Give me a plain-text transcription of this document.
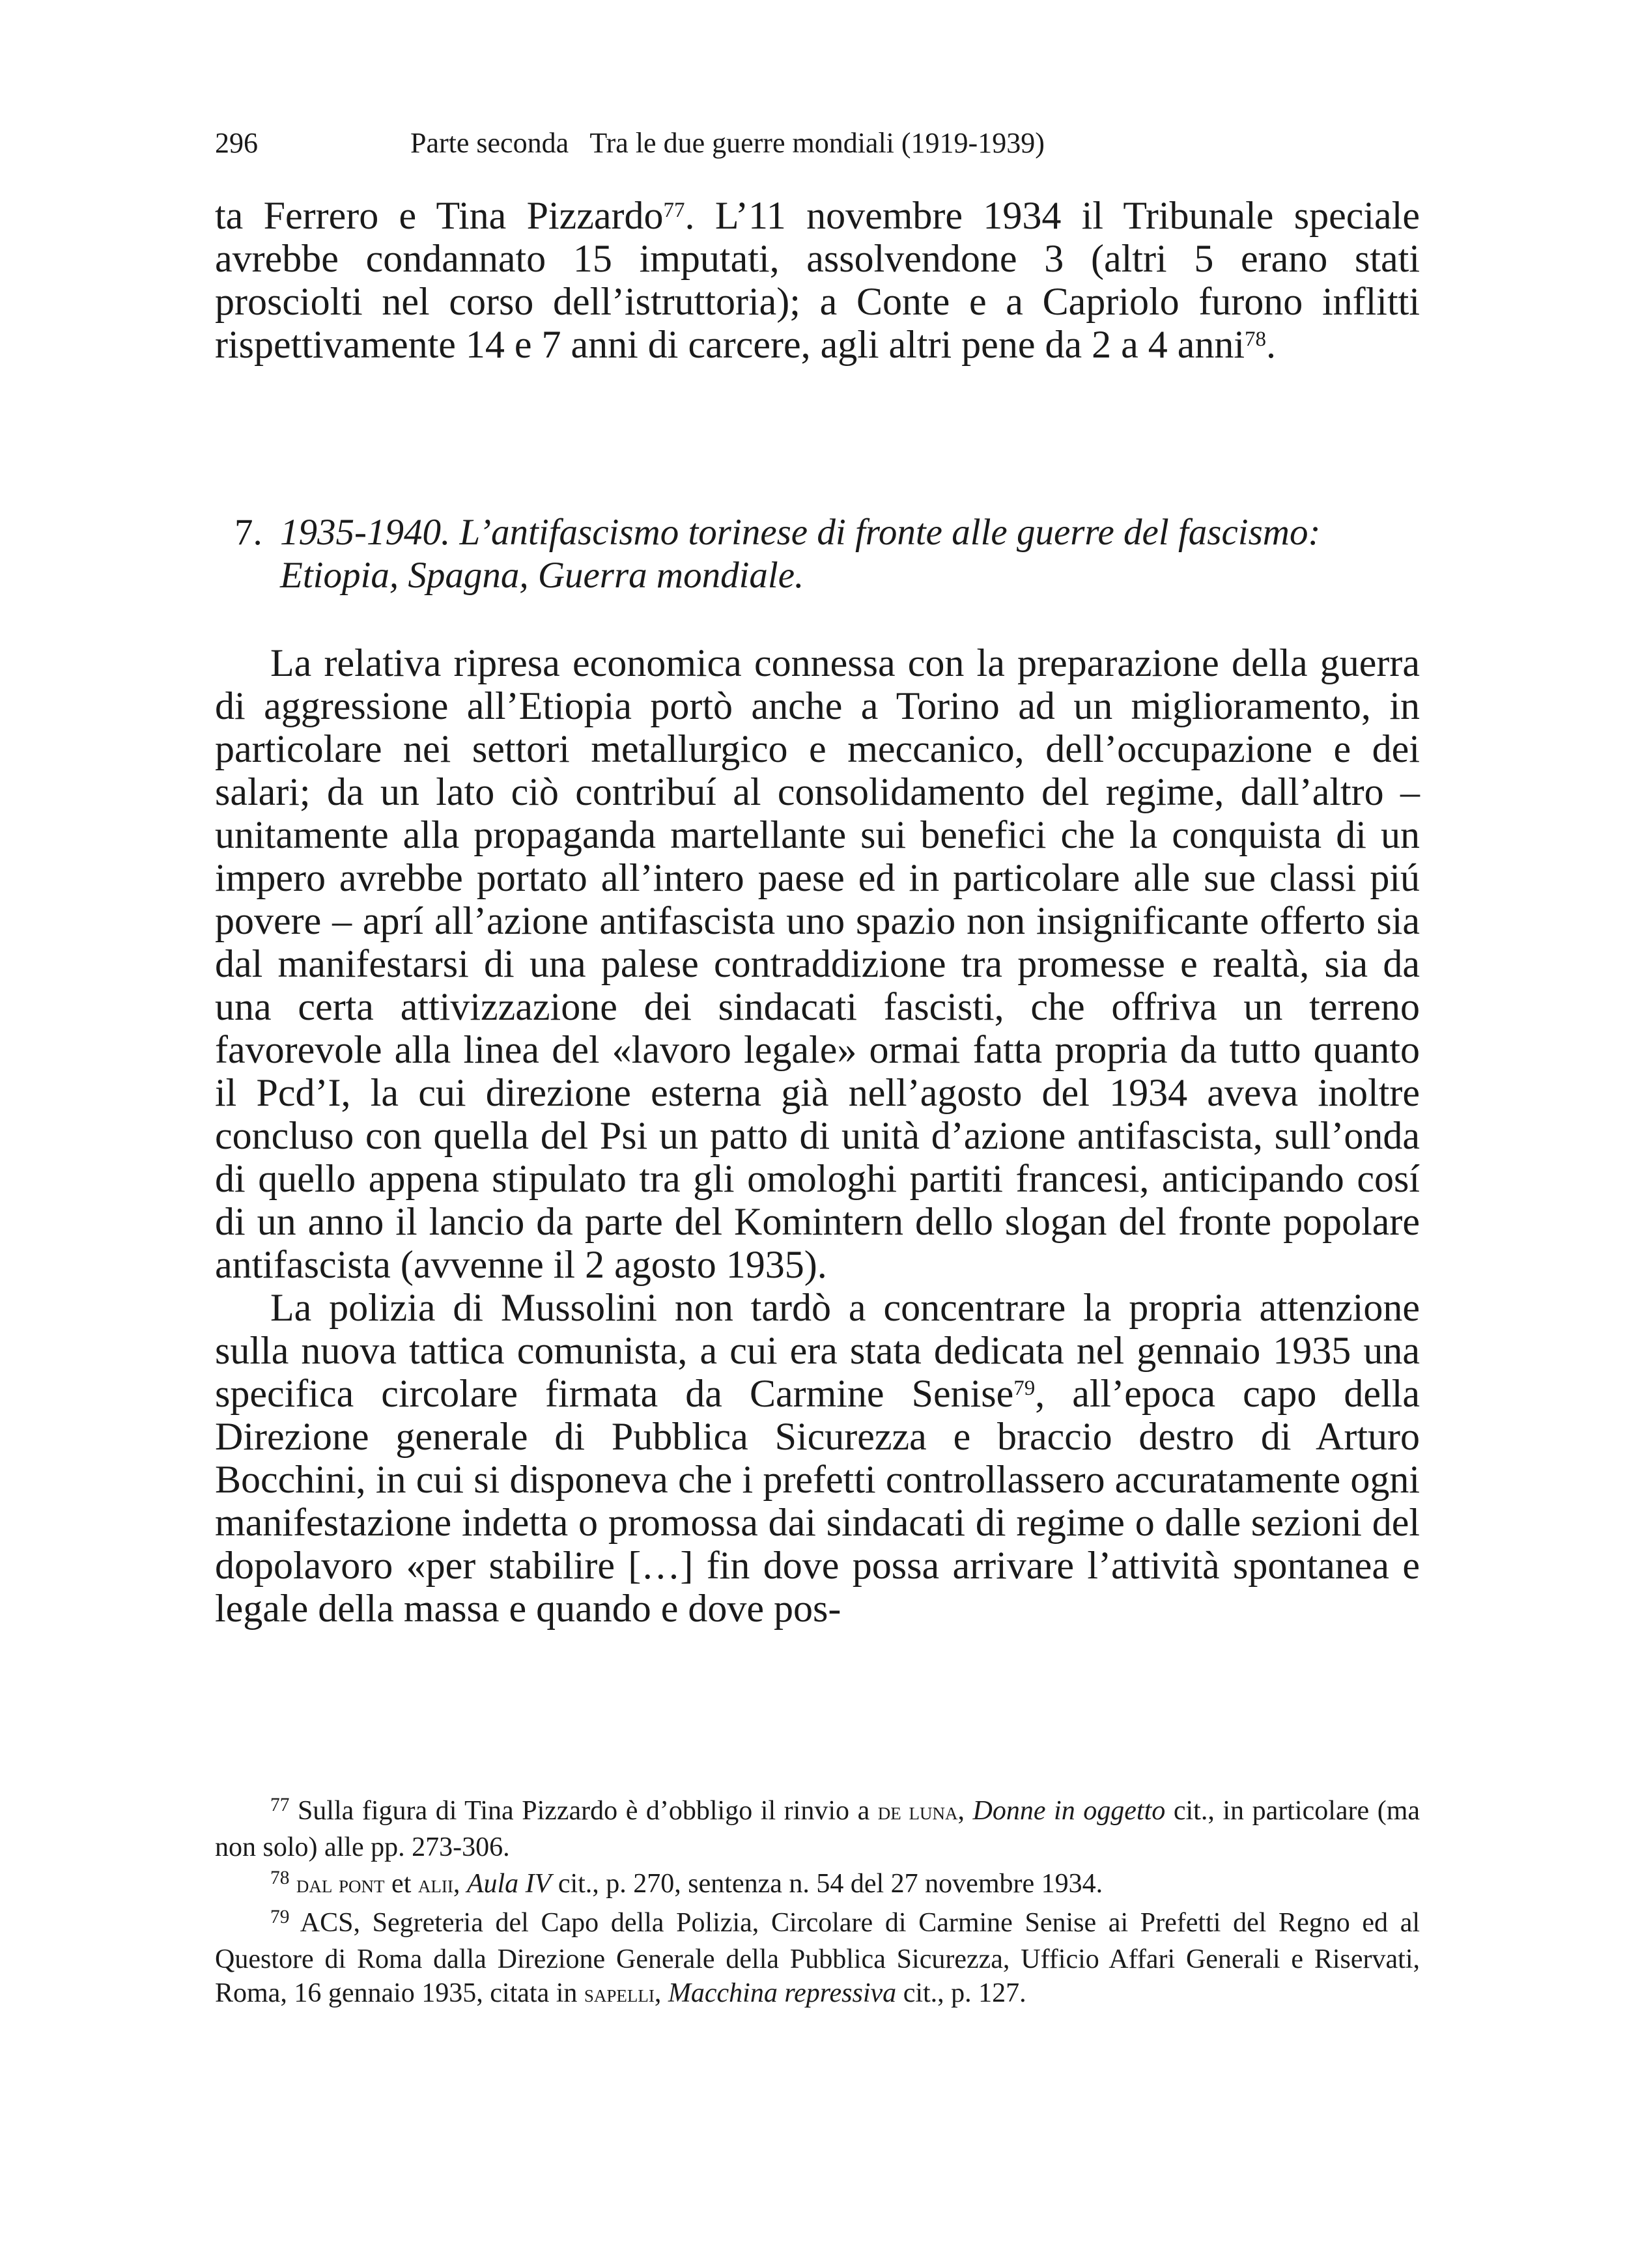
296	Parte seconda   Tra le due guerre mondiali (1919-1939)

ta Ferrero e Tina Pizzardo$^{77}$. L’11 novembre 1934 il Tribunale speciale avrebbe condannato 15 imputati, assolvendone 3 (altri 5 erano stati prosciolti nel corso dell’istruttoria); a Conte e a Capriolo furono inflitti rispettivamente 14 e 7 anni di carcere, agli altri pene da 2 a 4 anni$^{78}$.

7. 1935-1940. L’antifascismo torinese di fronte alle guerre del fascismo: Etiopia, Spagna, Guerra mondiale.

La relativa ripresa economica connessa con la preparazione della guerra di aggressione all’Etiopia portò anche a Torino ad un miglioramento, in particolare nei settori metallurgico e meccanico, dell’occupazione e dei salari; da un lato ciò contribuí al consolidamento del regime, dall’altro – unitamente alla propaganda martellante sui benefici che la conquista di un impero avrebbe portato all’intero paese ed in particolare alle sue classi piú povere – aprí all’azione antifascista uno spazio non insignificante offerto sia dal manifestarsi di una palese contraddizione tra promesse e realtà, sia da una certa attivizzazione dei sindacati fascisti, che offriva un terreno favorevole alla linea del «lavoro legale» ormai fatta propria da tutto quanto il Pcd’I, la cui direzione esterna già nell’agosto del 1934 aveva inoltre concluso con quella del Psi un patto di unità d’azione antifascista, sull’onda di quello appena stipulato tra gli omologhi partiti francesi, anticipando cosí di un anno il lancio da parte del Komintern dello slogan del fronte popolare antifascista (avvenne il 2 agosto 1935).

La polizia di Mussolini non tardò a concentrare la propria attenzione sulla nuova tattica comunista, a cui era stata dedicata nel gennaio 1935 una specifica circolare firmata da Carmine Senise$^{79}$, all’epoca capo della Direzione generale di Pubblica Sicurezza e braccio destro di Arturo Bocchini, in cui si disponeva che i prefetti controllassero accuratamente ogni manifestazione indetta o promossa dai sindacati di regime o dalle sezioni del dopolavoro «per stabilire […] fin dove possa arrivare l’attività spontanea e legale della massa e quando e dove pos-

$^{77}$ Sulla figura di Tina Pizzardo è d’obbligo il rinvio a de luna, Donne in oggetto cit., in particolare (ma non solo) alle pp. 273-306.

$^{78}$ dal pont et alii, Aula IV cit., p. 270, sentenza n. 54 del 27 novembre 1934.

$^{79}$ ACS, Segreteria del Capo della Polizia, Circolare di Carmine Senise ai Prefetti del Regno ed al Questore di Roma dalla Direzione Generale della Pubblica Sicurezza, Ufficio Affari Generali e Riservati, Roma, 16 gennaio 1935, citata in sapelli, Macchina repressiva cit., p. 127.
